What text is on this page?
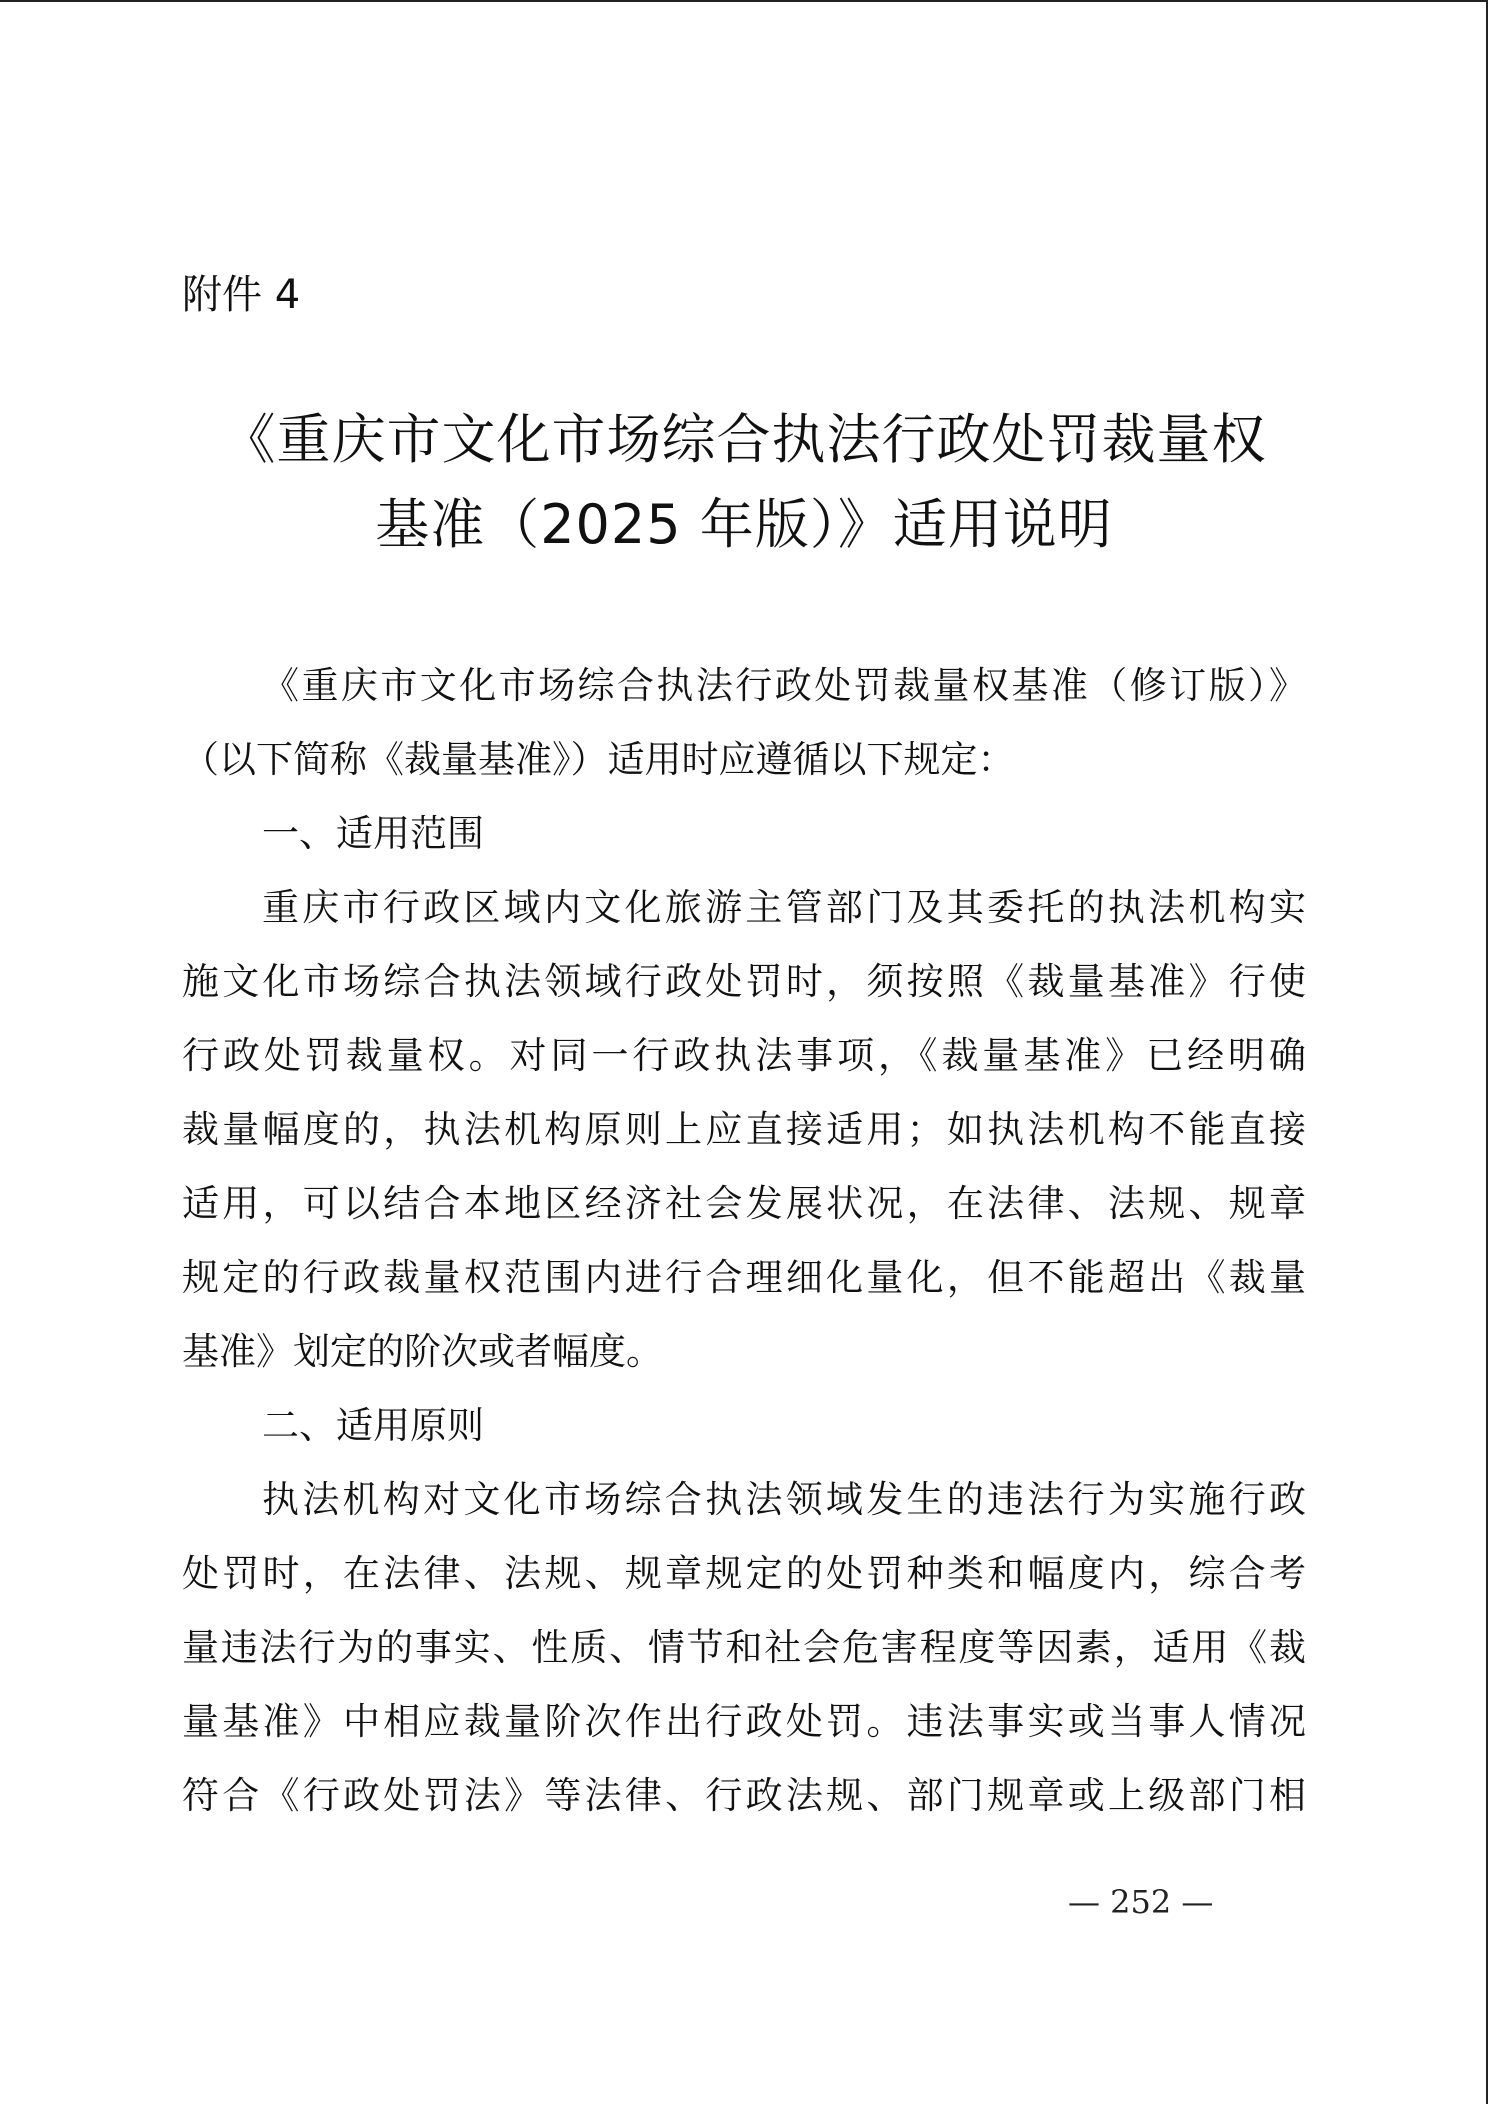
附件 4
《重庆市文化市场综合执法行政处罚裁量权
基准（2025 年版）》适用说明
《重庆市文化市场综合执法行政处罚裁量权基准（修订版）》
（以下简称《裁量基准》）适用时应遵循以下规定：
一、适用范围
重庆市行政区域内文化旅游主管部门及其委托的执法机构实
施文化市场综合执法领域行政处罚时，须按照《裁量基准》行使
行政处罚裁量权。对同一行政执法事项，《裁量基准》已经明确
裁量幅度的，执法机构原则上应直接适用；如执法机构不能直接
适用，可以结合本地区经济社会发展状况，在法律、法规、规章
规定的行政裁量权范围内进行合理细化量化，但不能超出《裁量
基准》划定的阶次或者幅度。
二、适用原则
执法机构对文化市场综合执法领域发生的违法行为实施行政
处罚时，在法律、法规、规章规定的处罚种类和幅度内，综合考
量违法行为的事实、性质、情节和社会危害程度等因素，适用《裁
量基准》中相应裁量阶次作出行政处罚。违法事实或当事人情况
符合《行政处罚法》等法律、行政法规、部门规章或上级部门相
— 252 —
